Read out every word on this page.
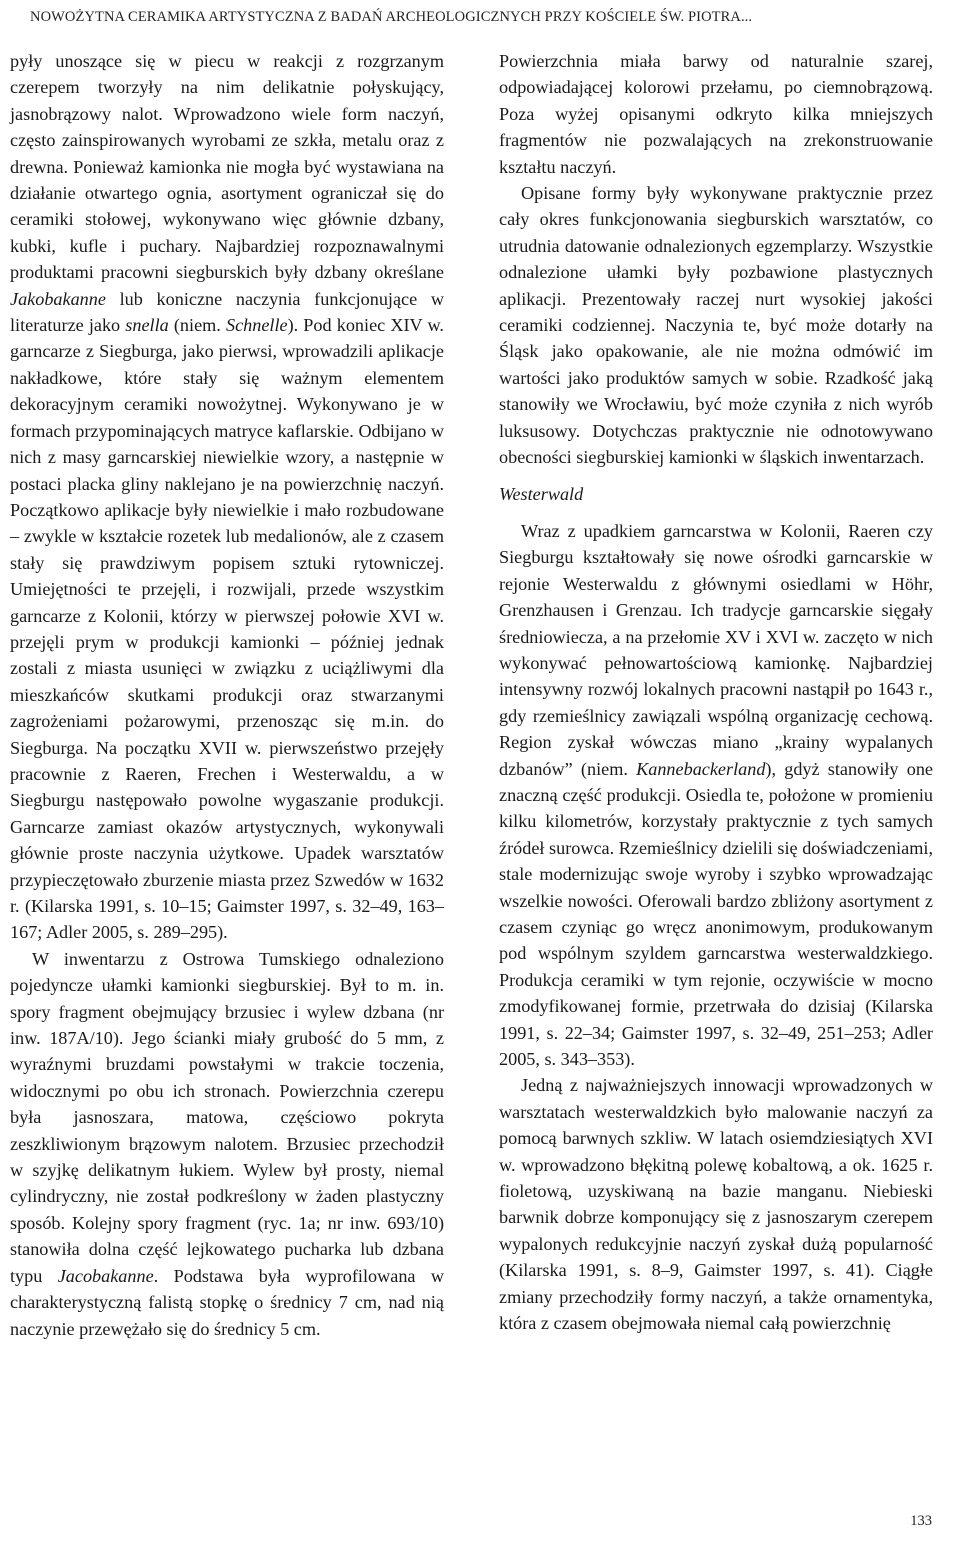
NOWOŻYTNA CERAMIKA ARTYSTYCZNA Z BADAŃ ARCHEOLOGICZNYCH PRZY KOŚCIELE ŚW. PIOTRA...

pyły unoszące się w piecu w reakcji z rozgrzanym czerepem tworzyły na nim delikatnie połyskujący, jasnobrązowy nalot. Wprowadzono wiele form naczyń, często zainspirowanych wyrobami ze szkła, metalu oraz z drewna. Ponieważ kamionka nie mogła być wystawiana na działanie otwartego ognia, asortyment ograniczał się do ceramiki stołowej, wykonywano więc głównie dzbany, kubki, kufle i puchary. Najbardziej rozpoznawalnymi produktami pracowni siegburskich były dzbany określane Jakobakanne lub koniczne naczynia funkcjonujące w literaturze jako snella (niem. Schnelle). Pod koniec XIV w. garncarze z Siegburga, jako pierwsi, wprowadzili aplikacje nakładkowe, które stały się ważnym elementem dekoracyjnym ceramiki nowożytnej. Wykonywano je w formach przypominających matryce kaflarskie. Odbijano w nich z masy garncarskiej niewielkie wzory, a następnie w postaci placka gliny naklejano je na powierzchnię naczyń. Początkowo aplikacje były niewielkie i mało rozbudowane – zwykle w kształcie rozetek lub medalionów, ale z czasem stały się prawdziwym popisem sztuki rytowniczej. Umiejętności te przejęli, i rozwijali, przede wszystkim garncarze z Kolonii, którzy w pierwszej połowie XVI w. przejęli prym w produkcji kamionki – później jednak zostali z miasta usunięci w związku z uciążliwymi dla mieszkańców skutkami produkcji oraz stwarzanymi zagrożeniami pożarowymi, przenosząc się m.in. do Siegburga. Na początku XVII w. pierwszeństwo przejęły pracownie z Raeren, Frechen i Westerwaldu, a w Siegburgu następowało powolne wygaszanie produkcji. Garncarze zamiast okazów artystycznych, wykonywali głównie proste naczynia użytkowe. Upadek warsztatów przypieczętowało zburzenie miasta przez Szwedów w 1632 r. (Kilarska 1991, s. 10–15; Gaimster 1997, s. 32–49, 163–167; Adler 2005, s. 289–295).

W inwentarzu z Ostrowa Tumskiego odnaleziono pojedyncze ułamki kamionki siegburskiej. Był to m. in. spory fragment obejmujący brzusiec i wylew dzbana (nr inw. 187A/10). Jego ścianki miały grubość do 5 mm, z wyraźnymi bruzdami powstałymi w trakcie toczenia, widocznymi po obu ich stronach. Powierzchnia czerepu była jasnoszara, matowa, częściowo pokryta zeszkliwionym brązowym nalotem. Brzusiec przechodził w szyjkę delikatnym łukiem. Wylew był prosty, niemal cylindryczny, nie został podkreślony w żaden plastyczny sposób. Kolejny spory fragment (ryc. 1a; nr inw. 693/10) stanowiła dolna część lejkowatego pucharka lub dzbana typu Jacobakanne. Podstawa była wyprofilowana w charakterystyczną falistą stopkę o średnicy 7 cm, nad nią naczynie przewężało się do średnicy 5 cm.

Powierzchnia miała barwy od naturalnie szarej, odpowiadającej kolorowi przełamu, po ciemnobrązową. Poza wyżej opisanymi odkryto kilka mniejszych fragmentów nie pozwalających na zrekonstruowanie kształtu naczyń.

Opisane formy były wykonywane praktycznie przez cały okres funkcjonowania siegburskich warsztatów, co utrudnia datowanie odnalezionych egzemplarzy. Wszystkie odnalezione ułamki były pozbawione plastycznych aplikacji. Prezentowały raczej nurt wysokiej jakości ceramiki codziennej. Naczynia te, być może dotarły na Śląsk jako opakowanie, ale nie można odmówić im wartości jako produktów samych w sobie. Rzadkość jaką stanowiły we Wrocławiu, być może czyniła z nich wyrób luksusowy. Dotychczas praktycznie nie odnotowywano obecności siegburskiej kamionki w śląskich inwentarzach.

Westerwald

Wraz z upadkiem garncarstwa w Kolonii, Raeren czy Siegburgu kształtowały się nowe ośrodki garncarskie w rejonie Westerwaldu z głównymi osiedlami w Höhr, Grenzhausen i Grenzau. Ich tradycje garncarskie sięgały średniowiecza, a na przełomie XV i XVI w. zaczęto w nich wykonywać pełnowartościową kamionkę. Najbardziej intensywny rozwój lokalnych pracowni nastąpił po 1643 r., gdy rzemieślnicy zawiązali wspólną organizację cechową. Region zyskał wówczas miano „krainy wypalanych dzbanów” (niem. Kannebackerland), gdyż stanowiły one znaczną część produkcji. Osiedla te, położone w promieniu kilku kilometrów, korzystały praktycznie z tych samych źródeł surowca. Rzemieślnicy dzielili się doświadczeniami, stale modernizując swoje wyroby i szybko wprowadzając wszelkie nowości. Oferowali bardzo zbliżony asortyment z czasem czyniąc go wręcz anonimowym, produkowanym pod wspólnym szyldem garncarstwa westerwaldzkiego. Produkcja ceramiki w tym rejonie, oczywiście w mocno zmodyfikowanej formie, przetrwała do dzisiaj (Kilarska 1991, s. 22–34; Gaimster 1997, s. 32–49, 251–253; Adler 2005, s. 343–353).

Jedną z najważniejszych innowacji wprowadzonych w warsztatach westerwaldzkich było malowanie naczyń za pomocą barwnych szkliw. W latach osiemdziesiątych XVI w. wprowadzono błękitną polewę kobaltową, a ok. 1625 r. fioletową, uzyskiwaną na bazie manganu. Niebieski barwnik dobrze komponujący się z jasnoszarym czerepem wypalonych redukcyjnie naczyń zyskał dużą popularność (Kilarska 1991, s. 8–9, Gaimster 1997, s. 41). Ciągłe zmiany przechodziły formy naczyń, a także ornamentyka, która z czasem obejmowała niemal całą powierzchnię

133
